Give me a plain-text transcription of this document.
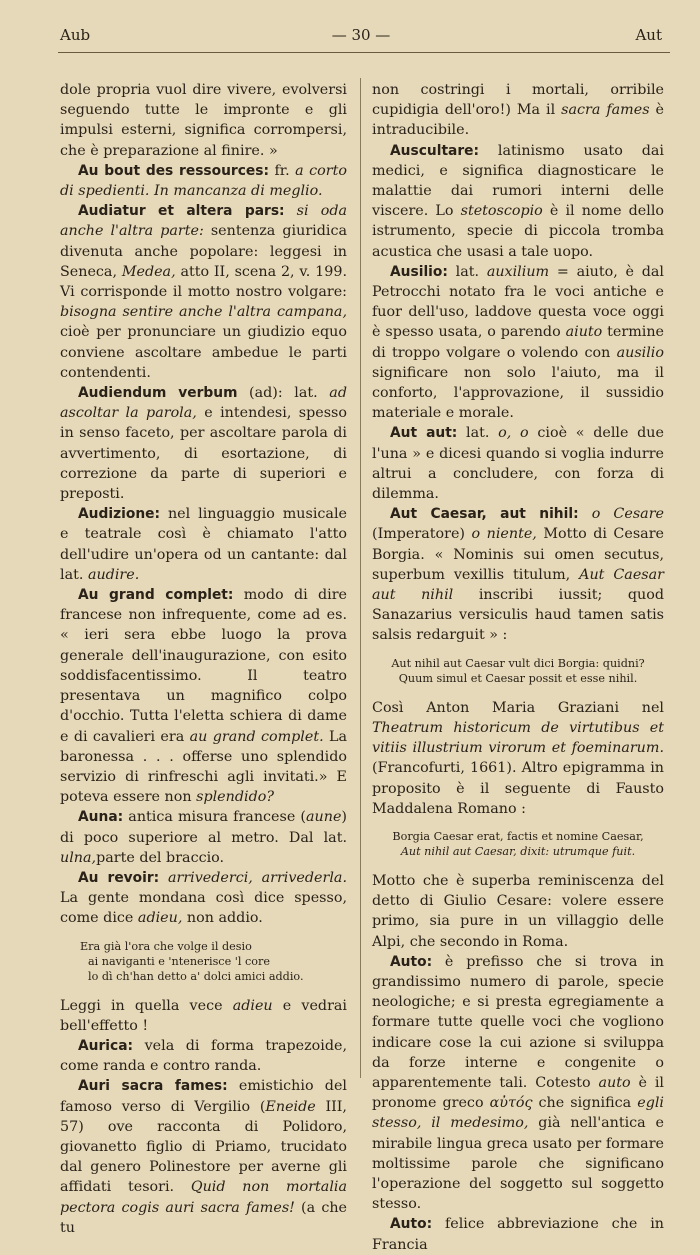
Aub	— 30 —	Aut

dole propria vuol dire vivere, evolversi seguendo tutte le impronte e gli impulsi esterni, significa corrompersi, che è preparazione al finire. »

Au bout des ressources: fr. a corto di spedienti. In mancanza di meglio.

Audiatur et altera pars: si oda anche l'altra parte: sentenza giuridica divenuta anche popolare: leggesi in Seneca, Medea, atto II, scena 2, v. 199. Vi corrisponde il motto nostro volgare: bisogna sentire anche l'altra campana, cioè per pronunciare un giudizio equo conviene ascoltare ambedue le parti contendenti.

Audiendum verbum (ad): lat. ad ascoltar la parola, e intendesi, spesso in senso faceto, per ascoltare parola di avvertimento, di esortazione, di correzione da parte di superiori e preposti.

Audizione: nel linguaggio musicale e teatrale così è chiamato l'atto dell'udire un'opera od un cantante: dal lat. audire.

Au grand complet: modo di dire francese non infrequente, come ad es. « ieri sera ebbe luogo la prova generale dell'inaugurazione, con esito soddisfacentissimo. Il teatro presentava un magnifico colpo d'occhio. Tutta l'eletta schiera di dame e di cavalieri era au grand complet. La baronessa . . . offerse uno splendido servizio di rinfreschi agli invitati.» E poteva essere non splendido?

Auna: antica misura francese (aune) di poco superiore al metro. Dal lat. ulna,parte del braccio.

Au revoir: arrivederci, arrivederla. La gente mondana così dice spesso, come dice adieu, non addio.

Era già l'ora che volge il desio
ai naviganti e 'ntenerisce 'l core
lo dì ch'han detto a' dolci amici addio.

Leggi in quella vece adieu e vedrai bell'effetto !

Aurica: vela di forma trapezoide, come randa e contro randa.

Auri sacra fames: emistichio del famoso verso di Vergilio (Eneide III, 57) ove racconta di Polidoro, giovanetto figlio di Priamo, trucidato dal genero Polinestore per averne gli affidati tesori. Quid non mortalia pectora cogis auri sacra fames! (a che tu

non costringi i mortali, orribile cupidigia dell'oro!) Ma il sacra fames è intraducibile.

Auscultare: latinismo usato dai medici, e significa diagnosticare le malattie dai rumori interni delle viscere. Lo stetoscopio è il nome dello istrumento, specie di piccola tromba acustica che usasi a tale uopo.

Ausilio: lat. auxilium = aiuto, è dal Petrocchi notato fra le voci antiche e fuor dell'uso, laddove questa voce oggi è spesso usata, o parendo aiuto termine di troppo volgare o volendo con ausilio significare non solo l'aiuto, ma il conforto, l'approvazione, il sussidio materiale e morale.

Aut aut: lat. o, o cioè « delle due l'una » e dicesi quando si voglia indurre altrui a concludere, con forza di dilemma.

Aut Caesar, aut nihil: o Cesare (Imperatore) o niente, Motto di Cesare Borgia. « Nominis sui omen secutus, superbum vexillis titulum, Aut Caesar aut nihil inscribi iussit; quod Sanazarius versiculis haud tamen satis salsis redarguit » :

Aut nihil aut Caesar vult dici Borgia: quidni?
Quum simul et Caesar possit et esse nihil.

Così Anton Maria Graziani nel Theatrum historicum de virtutibus et vitiis illustrium virorum et foeminarum. (Francofurti, 1661). Altro epigramma in proposito è il seguente di Fausto Maddalena Romano :

Borgia Caesar erat, factis et nomine Caesar,
Aut nihil aut Caesar, dixit: utrumque fuit.

Motto che è superba reminiscenza del detto di Giulio Cesare: volere essere primo, sia pure in un villaggio delle Alpi, che secondo in Roma.

Auto: è prefisso che si trova in grandissimo numero di parole, specie neologiche; e si presta egregiamente a formare tutte quelle voci che vogliono indicare cose la cui azione si sviluppa da forze interne e congenite o apparentemente tali. Cotesto auto è il pronome greco αὐτός che significa egli stesso, il medesimo, già nell'antica e mirabile lingua greca usato per formare moltissime parole che significano l'operazione del soggetto sul soggetto stesso.

Auto: felice abbreviazione che in Francia
